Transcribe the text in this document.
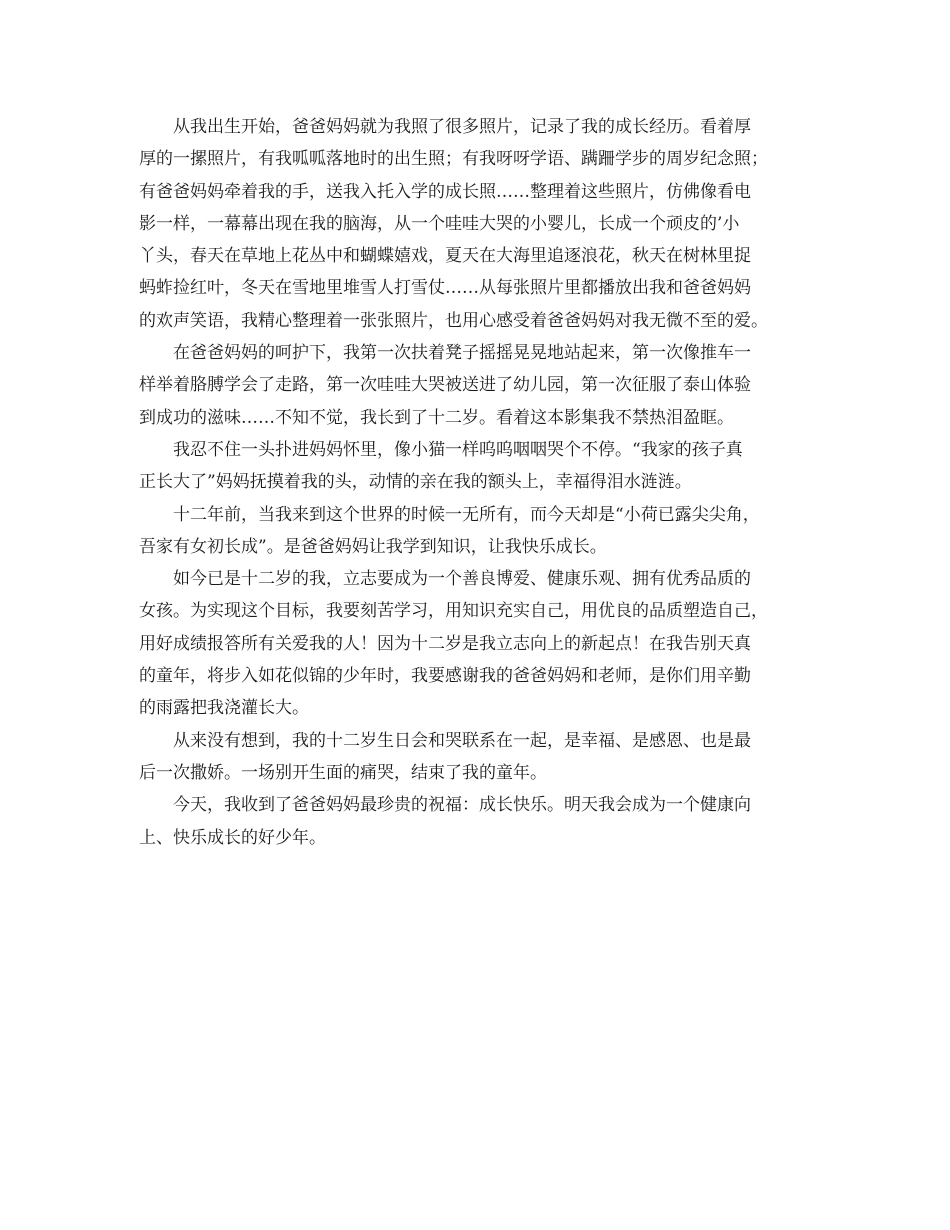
从我出生开始，爸爸妈妈就为我照了很多照片，记录了我的成长经历。看着厚
厚的一摞照片，有我呱呱落地时的出生照；有我呀呀学语、蹒跚学步的周岁纪念照；
有爸爸妈妈牵着我的手，送我入托入学的成长照……整理着这些照片，仿佛像看电
影一样，一幕幕出现在我的脑海，从一个哇哇大哭的小婴儿，长成一个顽皮的’小
丫头，春天在草地上花丛中和蝴蝶嬉戏，夏天在大海里追逐浪花，秋天在树林里捉
蚂蚱捡红叶，冬天在雪地里堆雪人打雪仗……从每张照片里都播放出我和爸爸妈妈
的欢声笑语，我精心整理着一张张照片，也用心感受着爸爸妈妈对我无微不至的爱。
在爸爸妈妈的呵护下，我第一次扶着凳子摇摇晃晃地站起来，第一次像推车一
样举着胳膊学会了走路，第一次哇哇大哭被送进了幼儿园，第一次征服了泰山体验
到成功的滋味……不知不觉，我长到了十二岁。看着这本影集我不禁热泪盈眶。
我忍不住一头扑进妈妈怀里，像小猫一样呜呜咽咽哭个不停。“我家的孩子真
正长大了”妈妈抚摸着我的头，动情的亲在我的额头上，幸福得泪水涟涟。
十二年前，当我来到这个世界的时候一无所有，而今天却是“小荷已露尖尖角，
吾家有女初长成”。是爸爸妈妈让我学到知识，让我快乐成长。
如今已是十二岁的我，立志要成为一个善良博爱、健康乐观、拥有优秀品质的
女孩。为实现这个目标，我要刻苦学习，用知识充实自己，用优良的品质塑造自己，
用好成绩报答所有关爱我的人！因为十二岁是我立志向上的新起点！在我告别天真
的童年，将步入如花似锦的少年时，我要感谢我的爸爸妈妈和老师，是你们用辛勤
的雨露把我浇灌长大。
从来没有想到，我的十二岁生日会和哭联系在一起，是幸福、是感恩、也是最
后一次撒娇。一场别开生面的痛哭，结束了我的童年。
今天，我收到了爸爸妈妈最珍贵的祝福：成长快乐。明天我会成为一个健康向
上、快乐成长的好少年。
